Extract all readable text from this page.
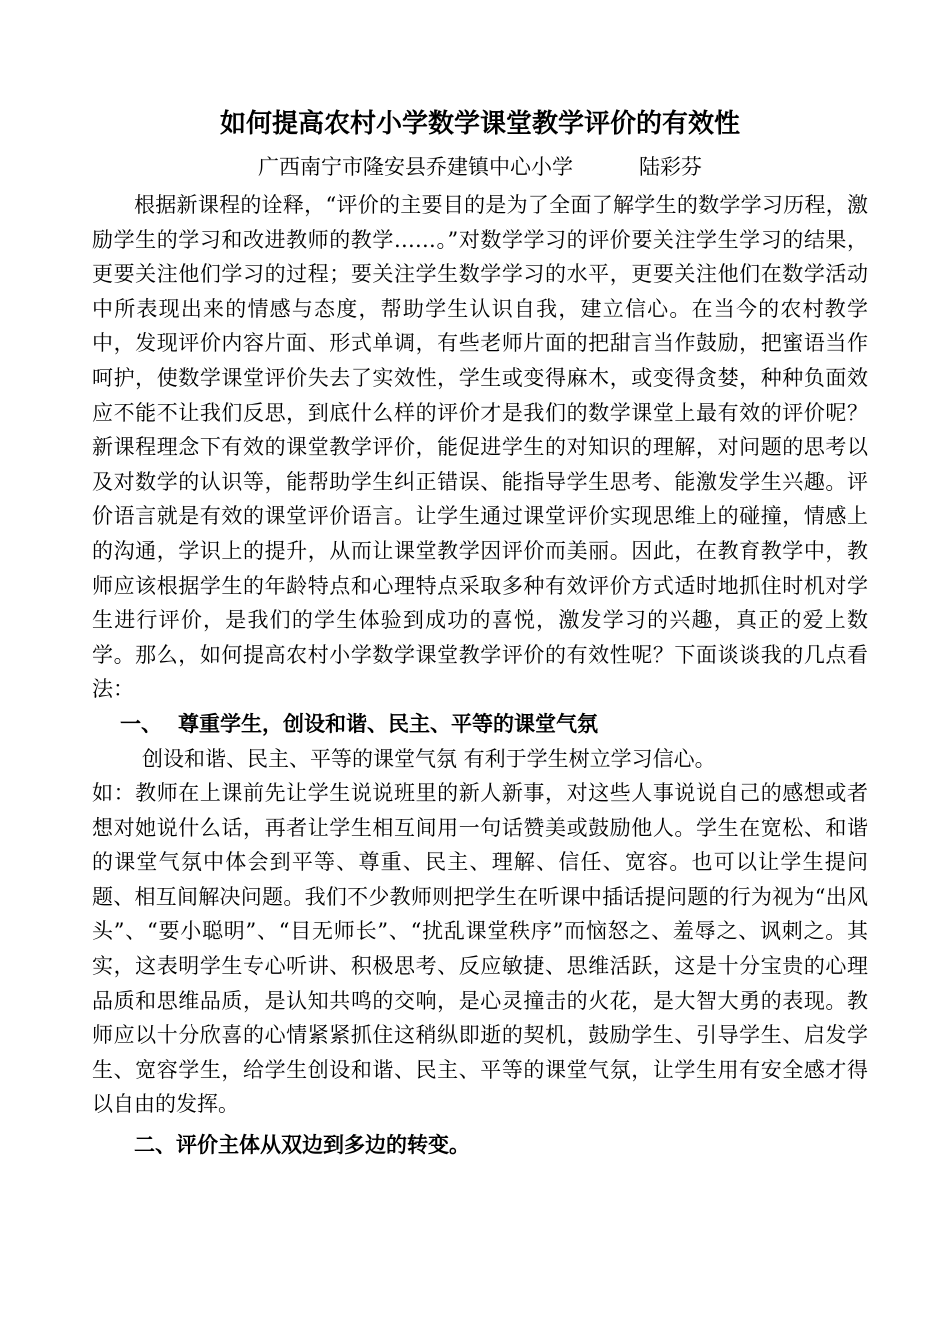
如何提高农村小学数学课堂教学评价的有效性

广西南宁市隆安县乔建镇中心小学	陆彩芬

根据新课程的诠释，“评价的主要目的是为了全面了解学生的数学学习历程，激励学生的学习和改进教师的教学……。”对数学学习的评价要关注学生学习的结果，更要关注他们学习的过程；要关注学生数学学习的水平，更要关注他们在数学活动中所表现出来的情感与态度，帮助学生认识自我，建立信心。在当今的农村教学中，发现评价内容片面、形式单调，有些老师片面的把甜言当作鼓励，把蜜语当作呵护，使数学课堂评价失去了实效性，学生或变得麻木，或变得贪婪，种种负面效应不能不让我们反思，到底什么样的评价才是我们的数学课堂上最有效的评价呢？新课程理念下有效的课堂教学评价，能促进学生的对知识的理解，对问题的思考以及对数学的认识等，能帮助学生纠正错误、能指导学生思考、能激发学生兴趣。评价语言就是有效的课堂评价语言。让学生通过课堂评价实现思维上的碰撞，情感上的沟通，学识上的提升，从而让课堂教学因评价而美丽。因此，在教育教学中，教师应该根据学生的年龄特点和心理特点采取多种有效评价方式适时地抓住时机对学生进行评价，是我们的学生体验到成功的喜悦，激发学习的兴趣，真正的爱上数学。那么，如何提高农村小学数学课堂教学评价的有效性呢？下面谈谈我的几点看法：

一、 尊重学生，创设和谐、民主、平等的课堂气氛

创设和谐、民主、平等的课堂气氛 有利于学生树立学习信心。

如：教师在上课前先让学生说说班里的新人新事，对这些人事说说自己的感想或者想对她说什么话，再者让学生相互间用一句话赞美或鼓励他人。学生在宽松、和谐的课堂气氛中体会到平等、尊重、民主、理解、信任、宽容。也可以让学生提问题、相互间解决问题。我们不少教师则把学生在听课中插话提问题的行为视为“出风头”、“要小聪明”、“目无师长”、“扰乱课堂秩序”而恼怒之、羞辱之、讽刺之。其实，这表明学生专心听讲、积极思考、反应敏捷、思维活跃，这是十分宝贵的心理品质和思维品质，是认知共鸣的交响，是心灵撞击的火花，是大智大勇的表现。教师应以十分欣喜的心情紧紧抓住这稍纵即逝的契机，鼓励学生、引导学生、启发学生、宽容学生，给学生创设和谐、民主、平等的课堂气氛，让学生用有安全感才得以自由的发挥。

二、评价主体从双边到多边的转变。
